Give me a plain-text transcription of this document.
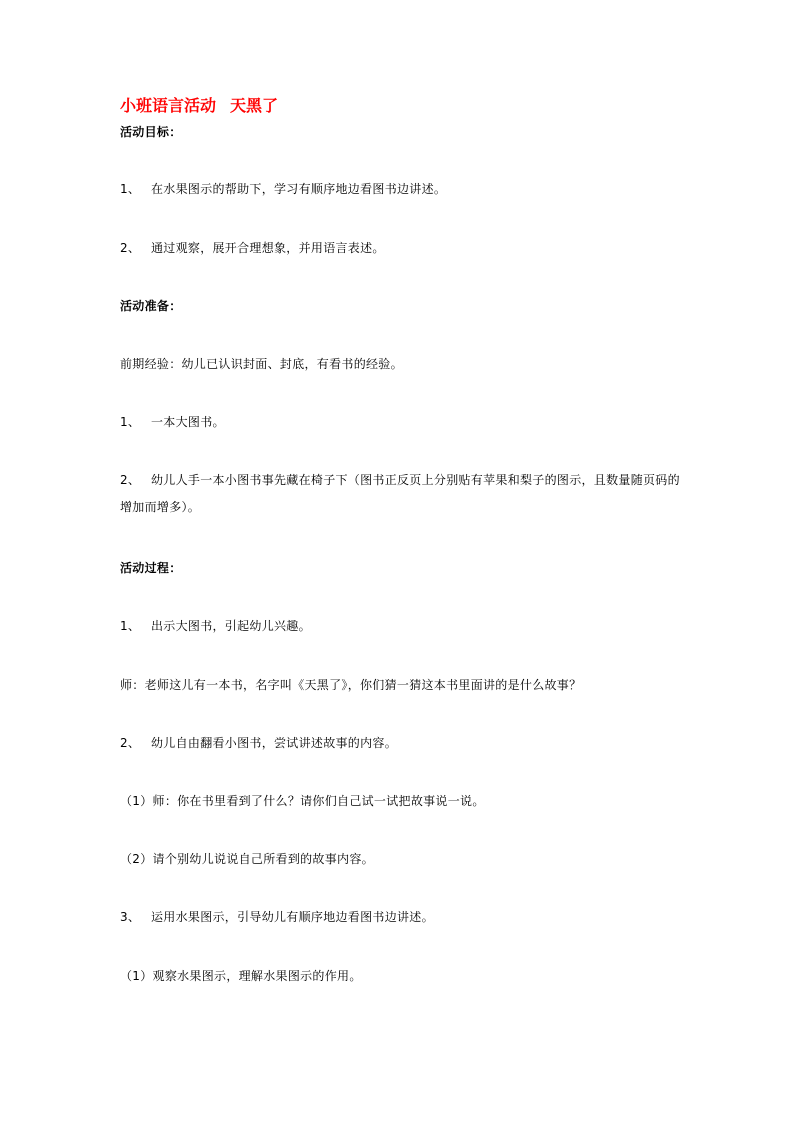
小班语言活动 天黑了
活动目标：
1、 在水果图示的帮助下，学习有顺序地边看图书边讲述。
2、 通过观察，展开合理想象，并用语言表述。
活动准备：
前期经验：幼儿已认识封面、封底，有看书的经验。
1、 一本大图书。
2、 幼儿人手一本小图书事先藏在椅子下（图书正反页上分别贴有苹果和梨子的图示，且数量随页码的增加而增多）。
活动过程：
1、 出示大图书，引起幼儿兴趣。
师：老师这儿有一本书，名字叫《天黑了》，你们猜一猜这本书里面讲的是什么故事？
2、 幼儿自由翻看小图书，尝试讲述故事的内容。
（1）师：你在书里看到了什么？请你们自己试一试把故事说一说。
（2）请个别幼儿说说自己所看到的故事内容。
3、 运用水果图示，引导幼儿有顺序地边看图书边讲述。
（1）观察水果图示，理解水果图示的作用。
